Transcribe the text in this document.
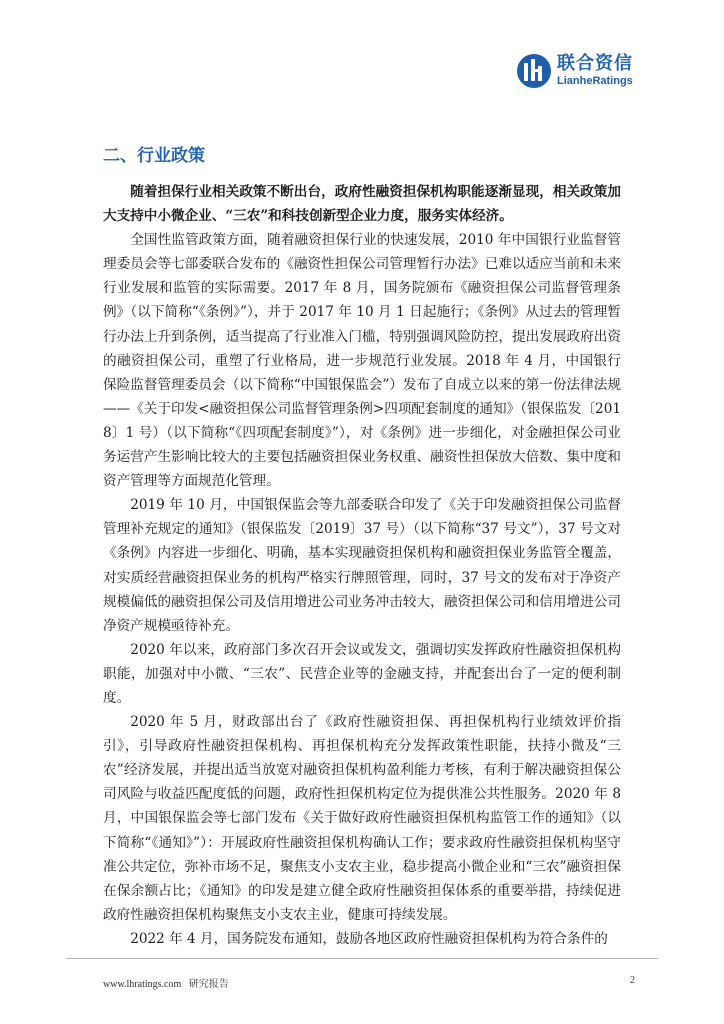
联合资信
LianheRatings
二、行业政策

随着担保行业相关政策不断出台，政府性融资担保机构职能逐渐显现，相关政策加大支持中小微企业、“三农”和科技创新型企业力度，服务实体经济。

全国性监管政策方面，随着融资担保行业的快速发展，2010 年中国银行业监督管理委员会等七部委联合发布的《融资性担保公司管理暂行办法》已难以适应当前和未来行业发展和监管的实际需要。2017 年 8 月，国务院颁布《融资担保公司监督管理条例》（以下简称“《条例》”），并于 2017 年 10 月 1 日起施行；《条例》从过去的管理暂行办法上升到条例，适当提高了行业准入门槛，特别强调风险防控，提出发展政府出资的融资担保公司，重塑了行业格局，进一步规范行业发展。2018 年 4 月，中国银行保险监督管理委员会（以下简称“中国银保监会”）发布了自成立以来的第一份法律法规——《关于印发<融资担保公司监督管理条例>四项配套制度的通知》（银保监发〔2018〕1 号）（以下简称“《四项配套制度》”），对《条例》进一步细化，对金融担保公司业务运营产生影响比较大的主要包括融资担保业务权重、融资性担保放大倍数、集中度和资产管理等方面规范化管理。

2019 年 10 月，中国银保监会等九部委联合印发了《关于印发融资担保公司监督管理补充规定的通知》（银保监发〔2019〕37 号）（以下简称“37 号文”），37 号文对《条例》内容进一步细化、明确，基本实现融资担保机构和融资担保业务监管全覆盖，对实质经营融资担保业务的机构严格实行牌照管理，同时，37 号文的发布对于净资产规模偏低的融资担保公司及信用增进公司业务冲击较大，融资担保公司和信用增进公司净资产规模亟待补充。

2020 年以来，政府部门多次召开会议或发文，强调切实发挥政府性融资担保机构职能，加强对中小微、“三农”、民营企业等的金融支持，并配套出台了一定的便利制度。

2020 年 5 月，财政部出台了《政府性融资担保、再担保机构行业绩效评价指引》，引导政府性融资担保机构、再担保机构充分发挥政策性职能，扶持小微及“三农”经济发展，并提出适当放宽对融资担保机构盈利能力考核，有利于解决融资担保公司风险与收益匹配度低的问题，政府性担保机构定位为提供准公共性服务。2020 年 8 月，中国银保监会等七部门发布《关于做好政府性融资担保机构监管工作的通知》（以下简称“《通知》”）：开展政府性融资担保机构确认工作；要求政府性融资担保机构坚守准公共定位，弥补市场不足，聚焦支小支农主业，稳步提高小微企业和“三农”融资担保在保余额占比；《通知》的印发是建立健全政府性融资担保体系的重要举措，持续促进政府性融资担保机构聚焦支小支农主业，健康可持续发展。

2022 年 4 月，国务院发布通知，鼓励各地区政府性融资担保机构为符合条件的

www.lhratings.com 研究报告	2
